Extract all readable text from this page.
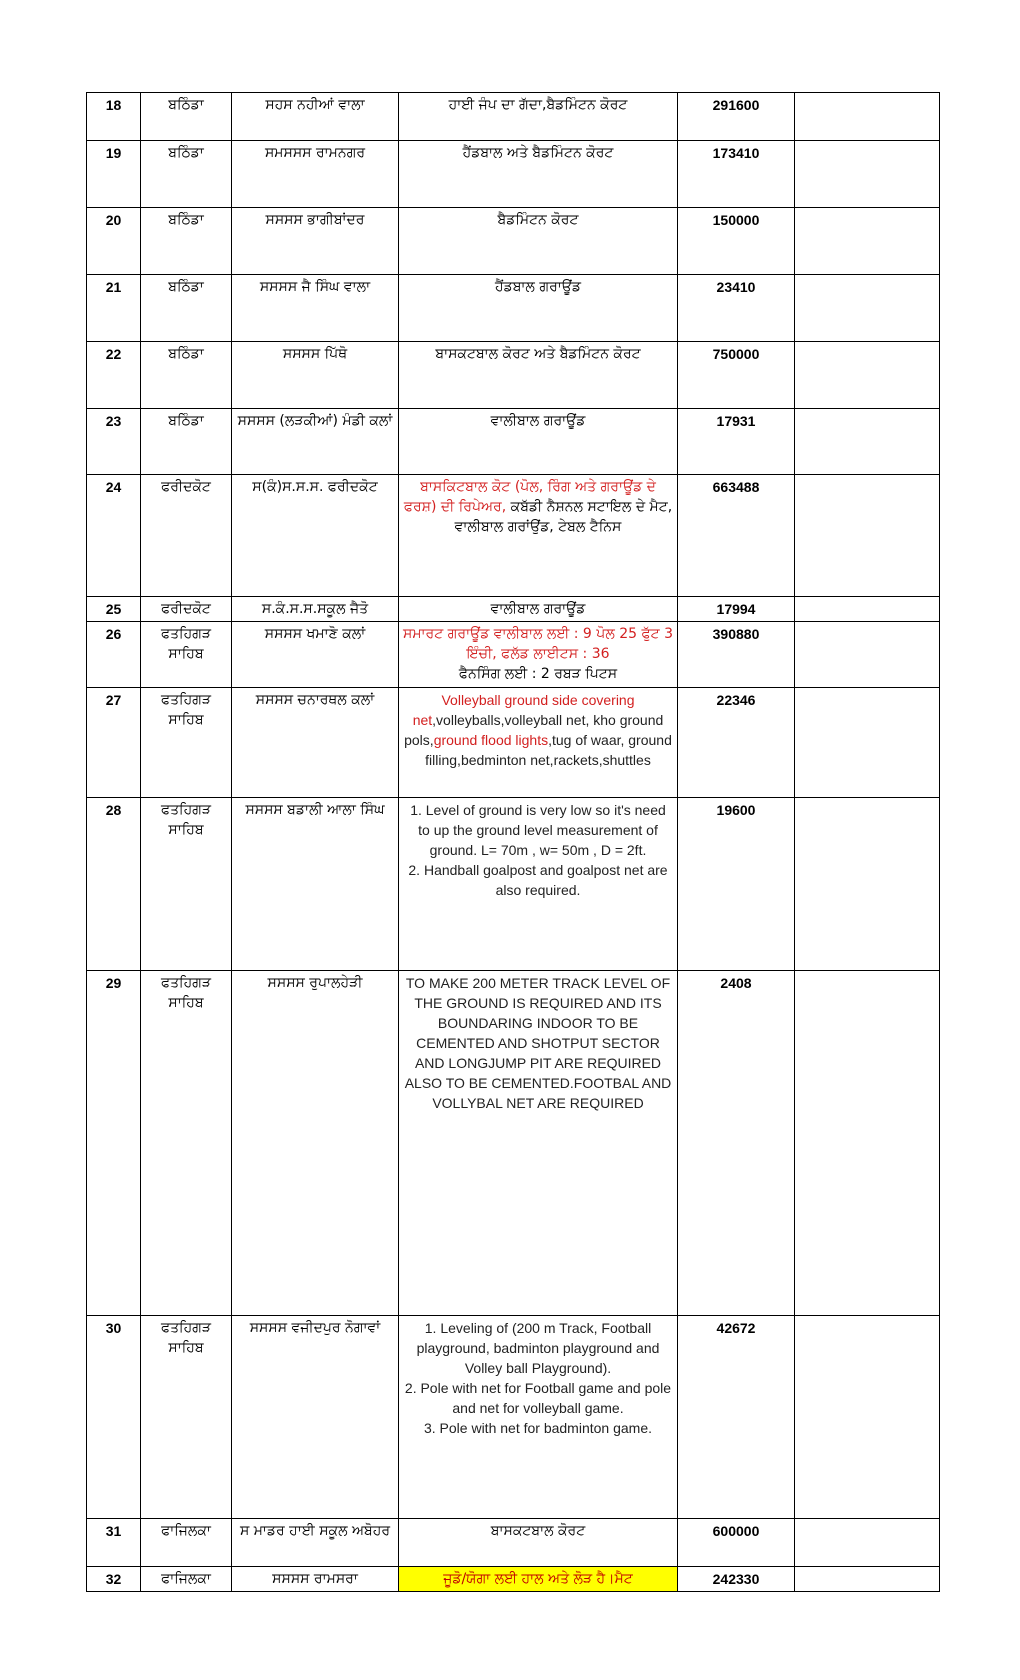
18	ਬਠਿੰਡਾ	ਸਹਸ ਨਹੀਆਂ ਵਾਲਾ	ਹਾਈ ਜੰਪ ਦਾ ਗੱਦਾ,ਬੈਡਮਿੰਟਨ ਕੋਰਟ	291600	
19	ਬਠਿੰਡਾ	ਸਮਸਸਸ ਰਾਮਨਗਰ	ਹੈਂਡਬਾਲ ਅਤੇ ਬੈਡਮਿੰਟਨ ਕੋਰਟ	173410	
20	ਬਠਿੰਡਾ	ਸਸਸਸ ਭਾਗੀਬਾਂਦਰ	ਬੈਡਮਿੰਟਨ ਕੋਰਟ	150000	
21	ਬਠਿੰਡਾ	ਸਸਸਸ ਜੈ ਸਿੰਘ ਵਾਲਾ	ਹੈਂਡਬਾਲ ਗਰਾਊਂਡ	23410	
22	ਬਠਿੰਡਾ	ਸਸਸਸ ਪਿੱਥੋ	ਬਾਸਕਟਬਾਲ ਕੋਰਟ ਅਤੇ ਬੈਡਮਿੰਟਨ ਕੋਰਟ	750000	
23	ਬਠਿੰਡਾ	ਸਸਸਸ (ਲੜਕੀਆਂ) ਮੰਡੀ ਕਲਾਂ	ਵਾਲੀਬਾਲ ਗਰਾਊਂਡ	17931	
24	ਫਰੀਦਕੋਟ	ਸ(ਕੰ)ਸ.ਸ.ਸ. ਫਰੀਦਕੋਟ	ਬਾਸਕਿਟਬਾਲ ਕੋਟ (ਪੋਲ, ਰਿੰਗ ਅਤੇ ਗਰਾਊਂਡ ਦੇ ਫਰਸ਼) ਦੀ ਰਿਪੇਅਰ, ਕਬੱਡੀ ਨੈਸ਼ਨਲ ਸਟਾਇਲ ਦੇ ਮੈਟ, ਵਾਲੀਬਾਲ ਗਰਾਂਉਂਡ, ਟੇਬਲ ਟੈਨਿਸ	663488	
25	ਫਰੀਦਕੋਟ	ਸ.ਕੰ.ਸ.ਸ.ਸਕੂਲ ਜੈਤੋ	ਵਾਲੀਬਾਲ ਗਰਾਊਂਡ	17994	
26	ਫਤਹਿਗੜ ਸਾਹਿਬ	ਸਸਸਸ ਖਮਾਣੋ ਕਲਾਂ	ਸਮਾਰਟ ਗਰਾਊਂਡ ਵਾਲੀਬਾਲ ਲਈ : 9 ਪੋਲ 25 ਫੁੱਟ 3 ਇੰਚੀ, ਫਲੱਡ ਲਾਈਟਸ : 36

ਫੈਨਸਿੰਗ ਲਈ : 2 ਰਬੜ ਪਿਟਸ	390880	
27	ਫਤਹਿਗੜ ਸਾਹਿਬ	ਸਸਸਸ ਚਨਾਰਥਲ ਕਲਾਂ	Volleyball ground side covering net,volleyballs,volleyball net, kho ground pols,ground flood lights,tug of waar, ground filling,bedminton net,rackets,shuttles	22346	
28	ਫਤਹਿਗੜ ਸਾਹਿਬ	ਸਸਸਸ ਬਡਾਲੀ ਆਲਾ ਸਿੰਘ	1. Level of ground is very low so it's need to up the ground level measurement of ground. L= 70m , w= 50m , D = 2ft.

2. Handball goalpost and goalpost net are also required.	19600	
29	ਫਤਹਿਗੜ ਸਾਹਿਬ	ਸਸਸਸ ਰੁਪਾਲਹੇੜੀ	TO MAKE 200 METER TRACK LEVEL OF THE GROUND IS REQUIRED AND ITS BOUNDARING INDOOR TO BE CEMENTED AND SHOTPUT SECTOR AND LONGJUMP PIT ARE REQUIRED ALSO TO BE CEMENTED.FOOTBAL AND VOLLYBAL NET ARE REQUIRED	2408	
30	ਫਤਹਿਗੜ ਸਾਹਿਬ	ਸਸਸਸ ਵਜੀਦਪੁਰ ਨੋਗਾਵਾਂ	1. Leveling of (200 m Track, Football playground, badminton playground and Volley ball Playground).

2. Pole with net for Football game and pole and net for volleyball game.

3. Pole with net for badminton game.	42672	
31	ਫਾਜਿਲਕਾ	ਸ ਮਾਡਰ ਹਾਈ ਸਕੂਲ ਅਬੋਹਰ	ਬਾਸਕਟਬਾਲ ਕੋਰਟ	600000	
32	ਫਾਜਿਲਕਾ	ਸਸਸਸ ਰਾਮਸਰਾ	ਜੂਡੋ/ਯੋਗਾ ਲਈ ਹਾਲ ਅਤੇ ਲੋੜ ਹੈ।ਮੈਟ	242330	
